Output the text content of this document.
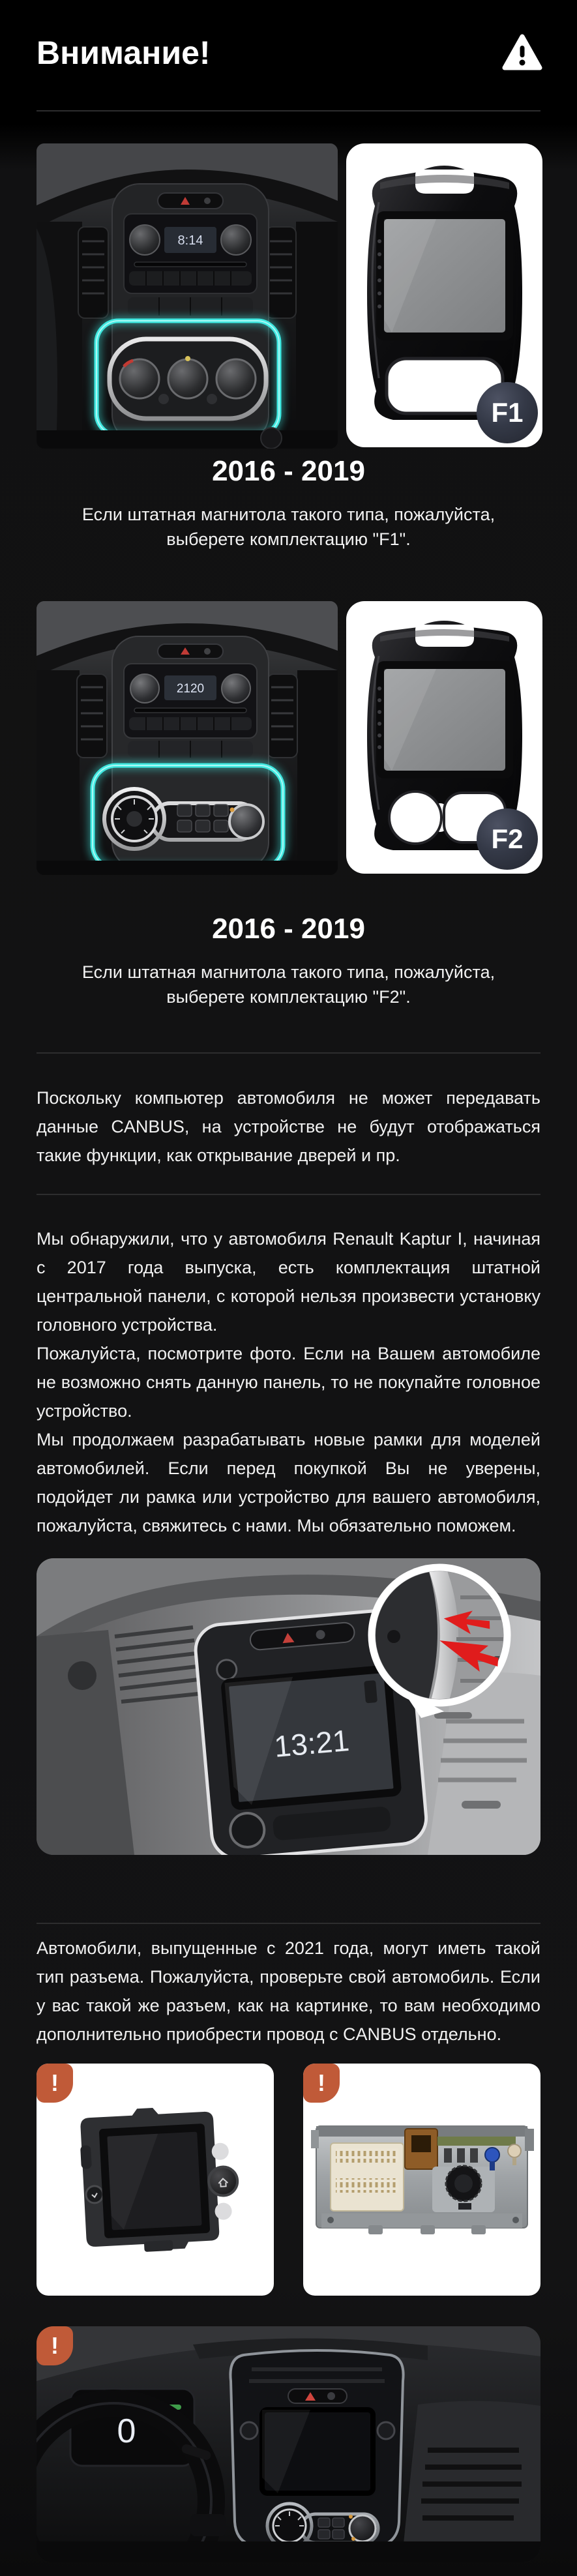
Внимание!
8:14
F1
2016 - 2019
Если штатная магнитола такого типа, пожалуйста, выберете комплектацию "F1".
2120
F2
2016 - 2019
Если штатная магнитола такого типа, пожалуйста, выберете комплектацию "F2".

Поскольку компьютер автомобиля не может передавать данные CANBUS, на устройстве не будут отображаться такие функции, как открывание дверей и пр.

Мы обнаружили, что у автомобиля Renault Kaptur I, начиная с 2017 года выпуска, есть комплектация штатной центральной панели, с которой нельзя произвести установку головного устройства.

Пожалуйста, посмотрите фото. Если на Вашем автомобиле не возможно снять данную панель, то не покупайте головное устройство.

Мы продолжаем разрабатывать новые рамки для моделей автомобилей. Если перед покупкой Вы не уверены, подойдет ли рамка или устройство для вашего автомобиля, пожалуйста, свяжитесь с нами. Мы обязательно поможем.

13:21

Автомобили, выпущенные с 2021 года, могут иметь такой тип разъема. Пожалуйста, проверьте свой автомобиль. Если у вас такой же разъем, как на картинке, то вам необходимо дополнительно приобрести провод с CANBUS отдельно.

!	!
0
!
